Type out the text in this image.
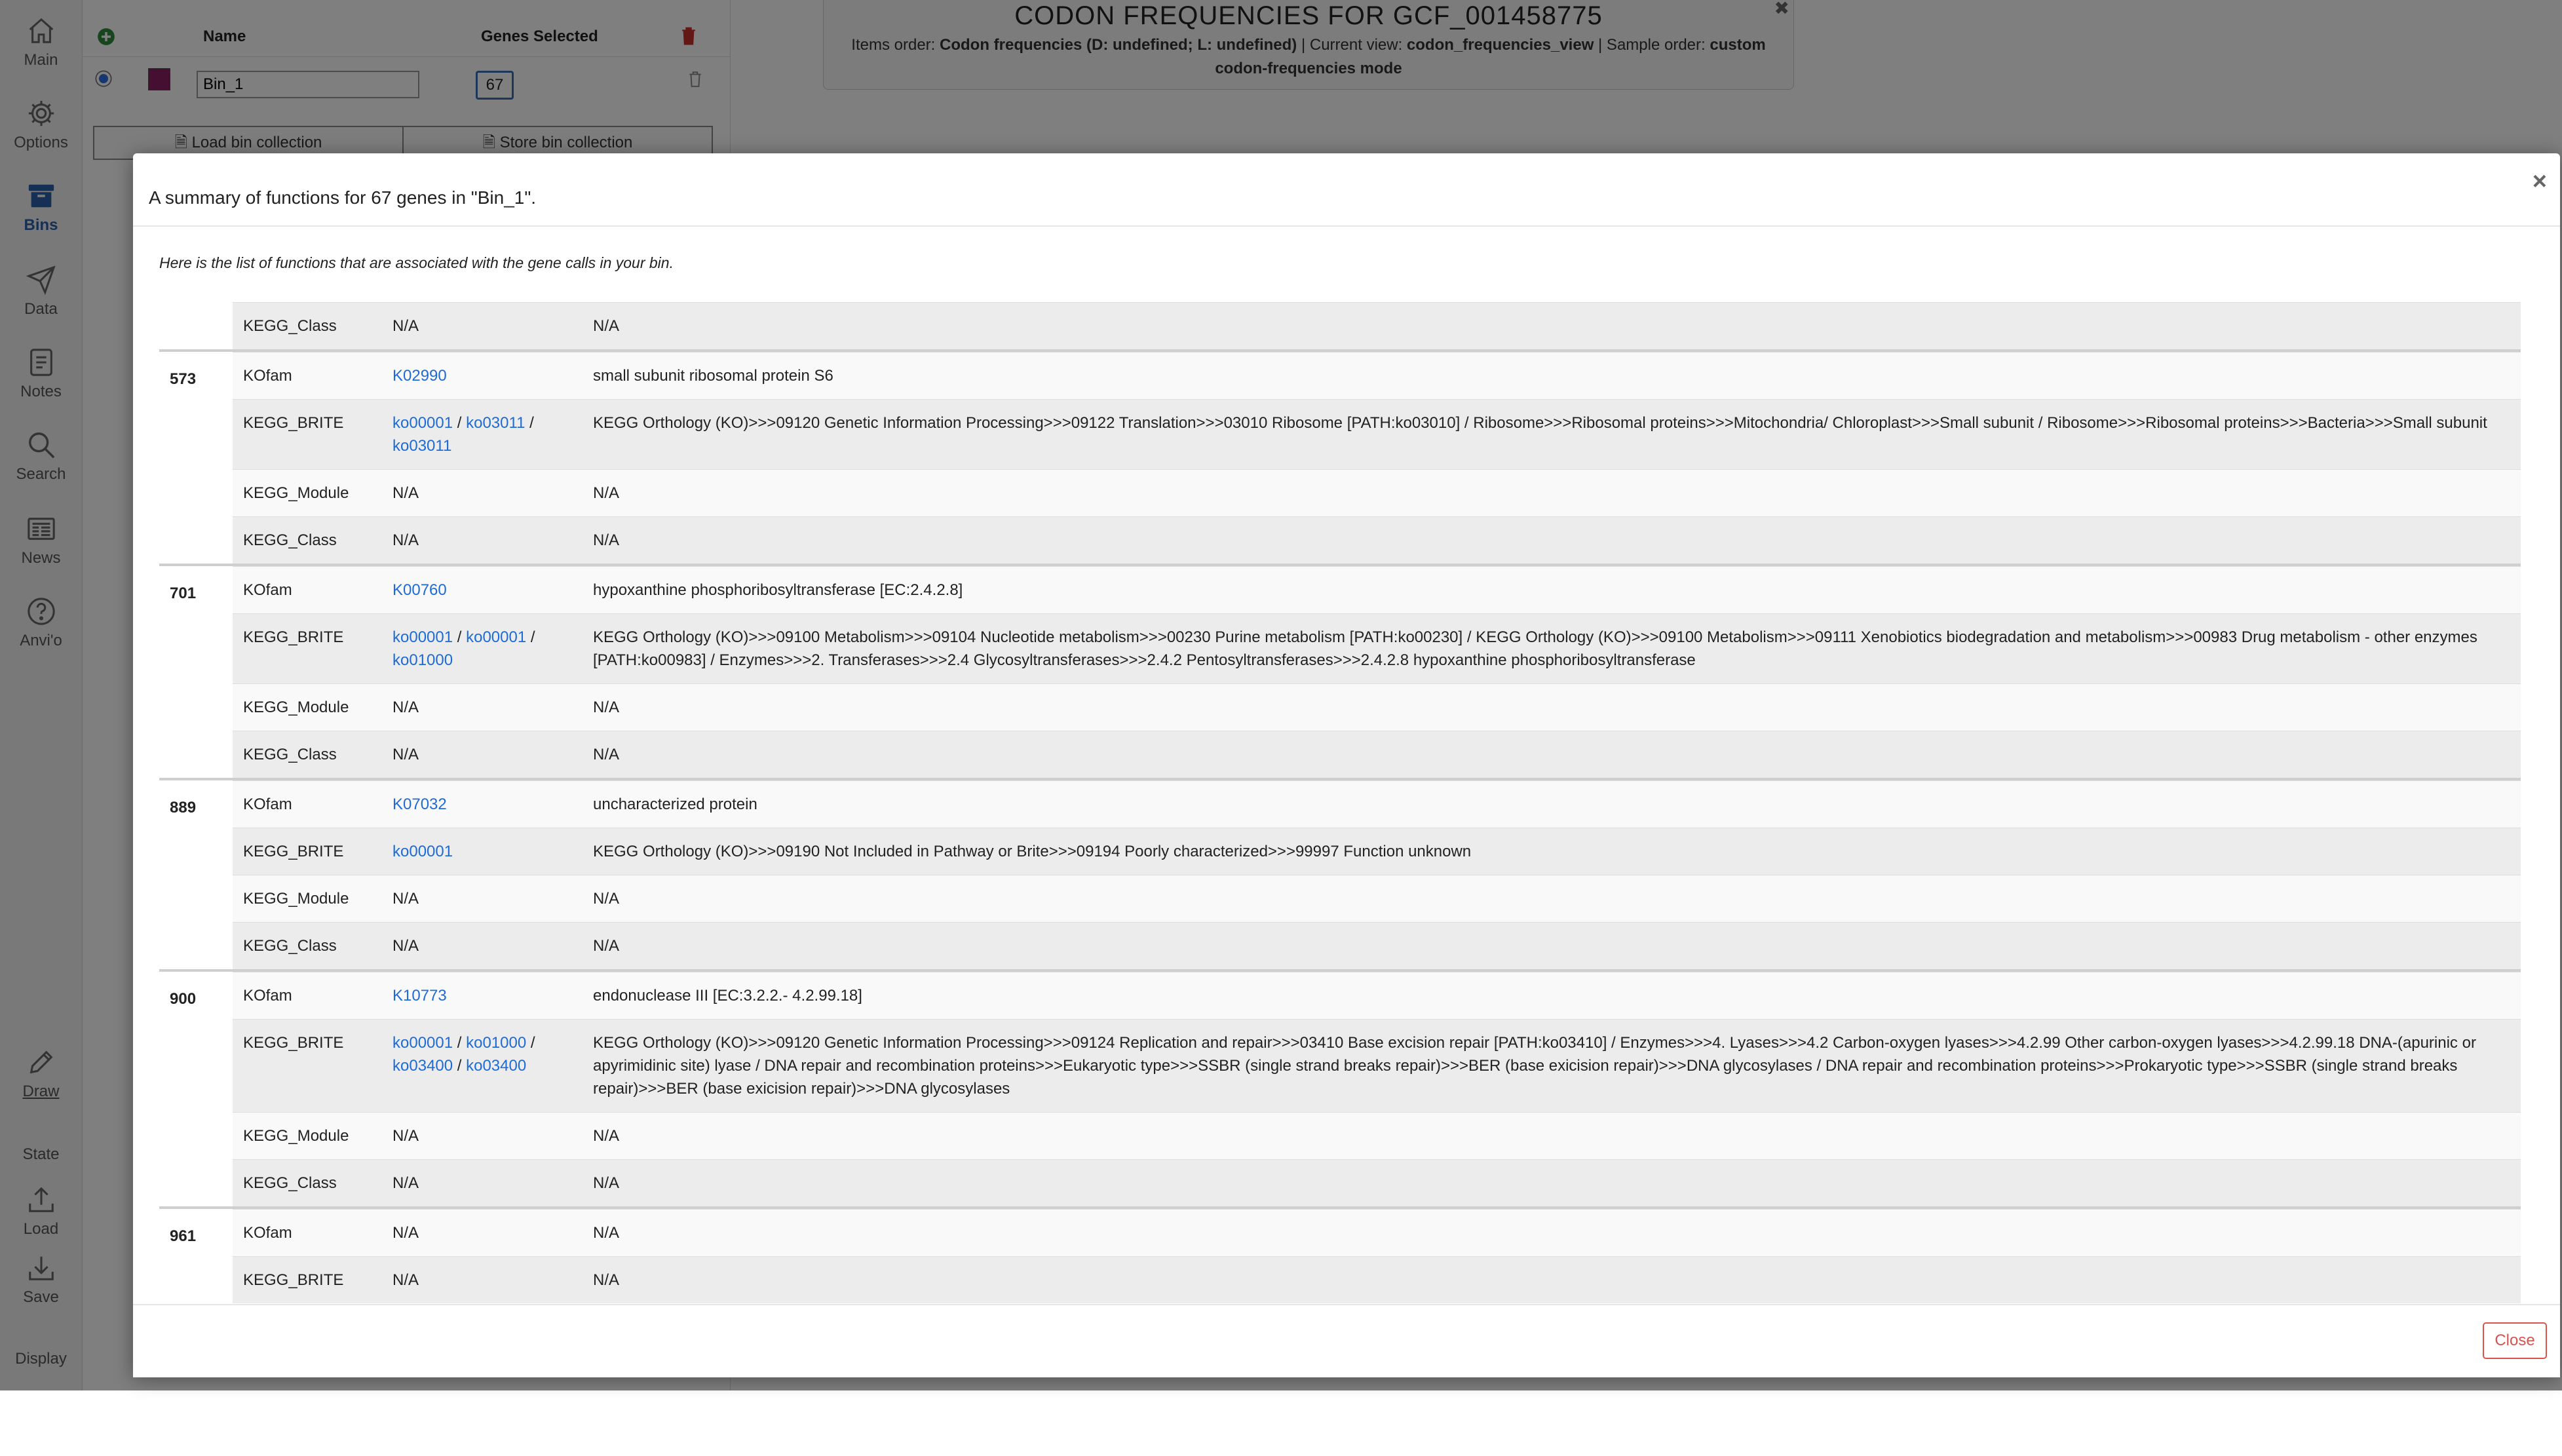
Bin_1

A summary of functions for 67 genes in "Bin_1".
×
Here is the list of functions that are associated with the gene calls in your bin.

KEGG_Class	N/A	N/A

573		KOfam	K02990	small subunit ribosomal protein S6
KEGG_BRITE	ko00001 / ko03011 / ko03011	KEGG Orthology (KO)>>>09120 Genetic Information Processing>>>09122 Translation>>>03010 Ribosome [PATH:ko03010] / Ribosome>>>Ribosomal proteins>>>Mitochondria/ Chloroplast>>>Small subunit / Ribosome>>>Ribosomal proteins>>>Bacteria>>>Small subunit
KEGG_Module	N/A	N/A
KEGG_Class	N/A	N/A

701		KOfam	K00760	hypoxanthine phosphoribosyltransferase [EC:2.4.2.8]
KEGG_BRITE	ko00001 / ko00001 / ko01000	KEGG Orthology (KO)>>>09100 Metabolism>>>09104 Nucleotide metabolism>>>00230 Purine metabolism [PATH:ko00230] / KEGG Orthology (KO)>>>09100 Metabolism>>>09111 Xenobiotics biodegradation and metabolism>>>00983 Drug metabolism - other enzymes [PATH:ko00983] / Enzymes>>>2. Transferases>>>2.4 Glycosyltransferases>>>2.4.2 Pentosyltransferases>>>2.4.2.8 hypoxanthine phosphoribosyltransferase
KEGG_Module	N/A	N/A
KEGG_Class	N/A	N/A

889		KOfam	K07032	uncharacterized protein
KEGG_BRITE	ko00001	KEGG Orthology (KO)>>>09190 Not Included in Pathway or Brite>>>09194 Poorly characterized>>>99997 Function unknown
KEGG_Module	N/A	N/A
KEGG_Class	N/A	N/A

900		KOfam	K10773	endonuclease III [EC:3.2.2.- 4.2.99.18]
KEGG_BRITE	ko00001 / ko01000 / ko03400 / ko03400	KEGG Orthology (KO)>>>09120 Genetic Information Processing>>>09124 Replication and repair>>>03410 Base excision repair [PATH:ko03410] / Enzymes>>>4. Lyases>>>4.2 Carbon-oxygen lyases>>>4.2.99 Other carbon-oxygen lyases>>>4.2.99.18 DNA-(apurinic or apyrimidinic site) lyase / DNA repair and recombination proteins>>>Eukaryotic type>>>SSBR (single strand breaks repair)>>>BER (base exicision repair)>>>DNA glycosylases / DNA repair and recombination proteins>>>Prokaryotic type>>>SSBR (single strand breaks repair)>>>BER (base exicision repair)>>>DNA glycosylases
KEGG_Module	N/A	N/A
KEGG_Class	N/A	N/A

961		KOfam	N/A	N/A
KEGG_BRITE	N/A	N/A
Close
